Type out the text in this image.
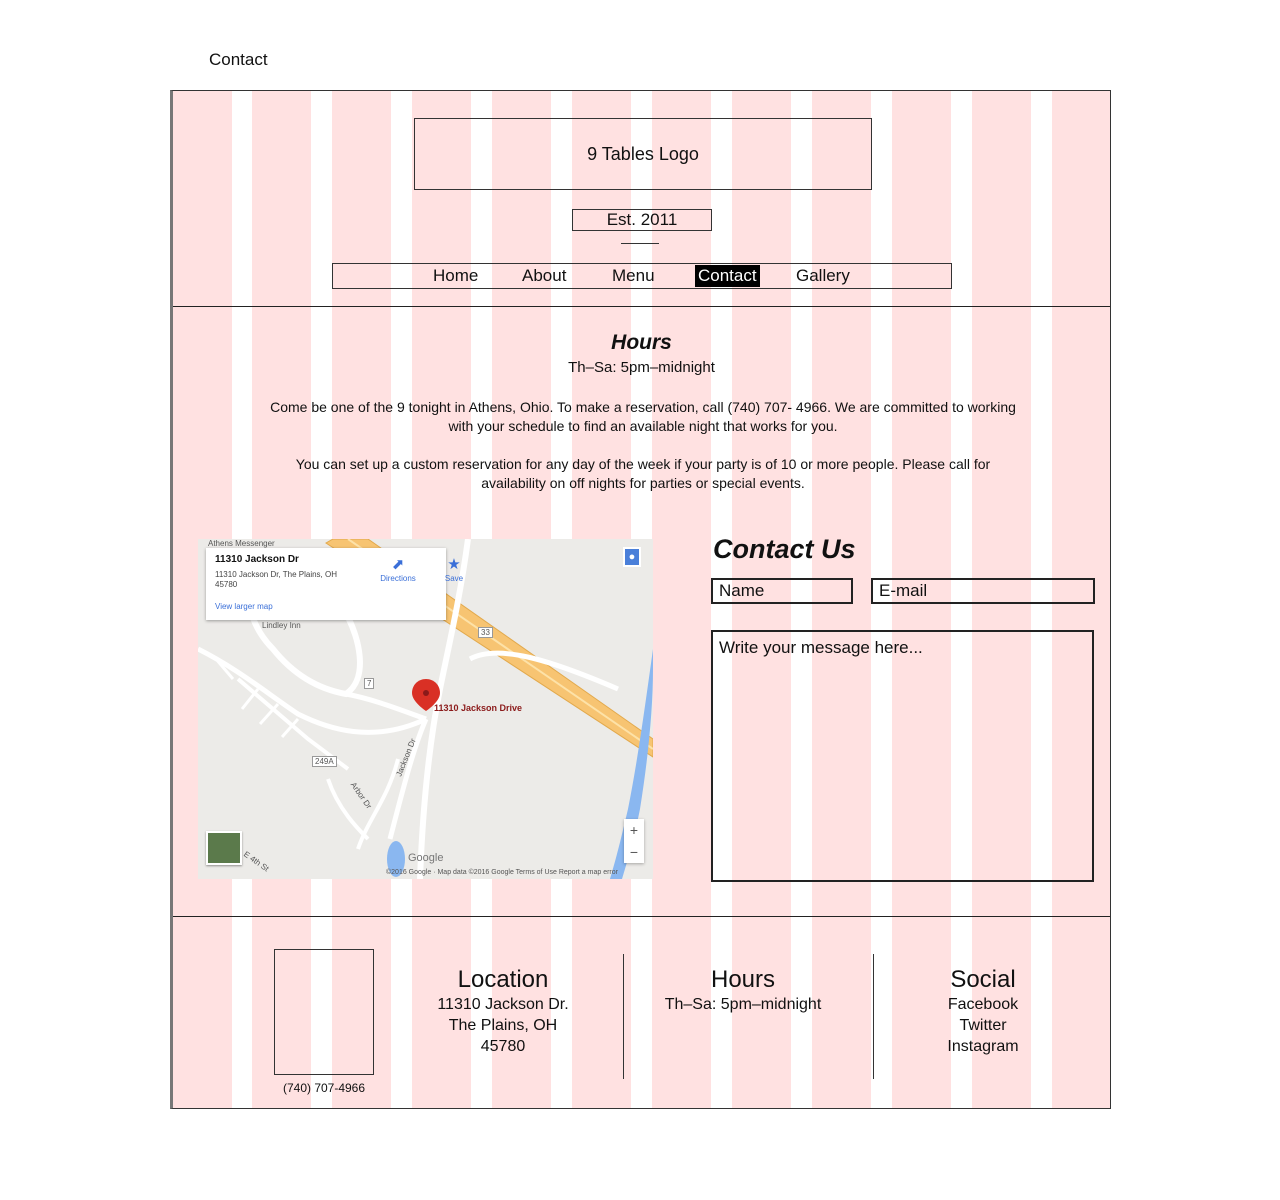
Contact
9 Tables Logo
Est. 2011
Home	About	Menu	Contact Gallery
Hours
Th–Sa: 5pm–midnight
Come be one of the 9 tonight in Athens, Ohio. To make a reservation, call (740) 707- 4966. We are committed to working with your schedule to find an available night that works for you.
You can set up a custom reservation for any day of the week if your party is of 10 or more people. Please call for availability on off nights for parties or special events.
11310 Jackson Dr
11310 Jackson Dr, The Plains, OH 45780
View larger map
⬈
Directions
★
Save
Athens Messenger
Lindley Inn
11310 Jackson Drive
Jackson Dr
Arbor Dr
E 4th St
33
7
249A
●
+
−
Google
©2016 Google · Map data ©2016 Google Terms of Use Report a map error
Contact Us
Name
E-mail
Write your message here...
(740) 707-4966
Location
11310 Jackson Dr.
The Plains, OH
45780
Hours
Th–Sa: 5pm–midnight
Social
Facebook
Twitter
Instagram
